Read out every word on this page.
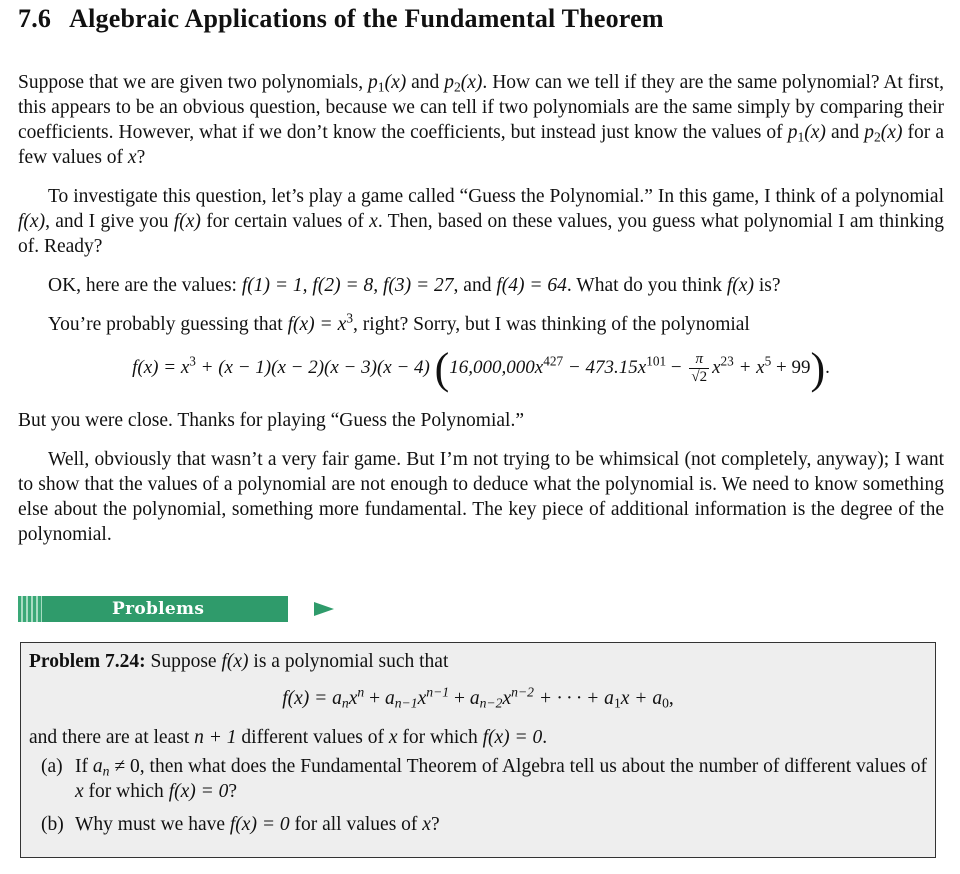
7.6 Algebraic Applications of the Fundamental Theorem

Suppose that we are given two polynomials, $p_1(x)$ and $p_2(x)$. How can we tell if they are the same polynomial? At first, this appears to be an obvious question, because we can tell if two polynomials are the same simply by comparing their coefficients. However, what if we don’t know the coefficients, but instead just know the values of $p_1(x)$ and $p_2(x)$ for a few values of x?

To investigate this question, let’s play a game called “Guess the Polynomial.” In this game, I think of a polynomial f(x), and I give you f(x) for certain values of x. Then, based on these values, you guess what polynomial I am thinking of. Ready?

OK, here are the values: f(1) = 1, f(2) = 8, f(3) = 27, and f(4) = 64. What do you think f(x) is?

You’re probably guessing that $f(x) = x^3$, right? Sorry, but I was thinking of the polynomial

$f(x) = x^3 + (x - 1)(x - 2)(x - 3)(x - 4) (16,000,000x^{427} - 473.15x^{101} - \frac{\pi}{√2} x^{23} + x^5 + 99)$.

But you were close. Thanks for playing “Guess the Polynomial.”

Well, obviously that wasn’t a very fair game. But I’m not trying to be whimsical (not completely, anyway); I want to show that the values of a polynomial are not enough to deduce what the polynomial is. We need to know something else about the polynomial, something more fundamental. The key piece of additional information is the degree of the polynomial.

Problems

Problem 7.24: Suppose f(x) is a polynomial such that

$f(x) = a_nx^n + a_{n-1}x^{n-1} + a_{n-2}x^{n-2}$ + · · · + $a_1x + a_0$,

and there are at least n + 1 different values of x for which f(x) = 0.

(a) If $a_n \ne 0$, then what does the Fundamental Theorem of Algebra tell us about the number of different values of x for which f(x) = 0?
(b) Why must we have f(x) = 0 for all values of x?
